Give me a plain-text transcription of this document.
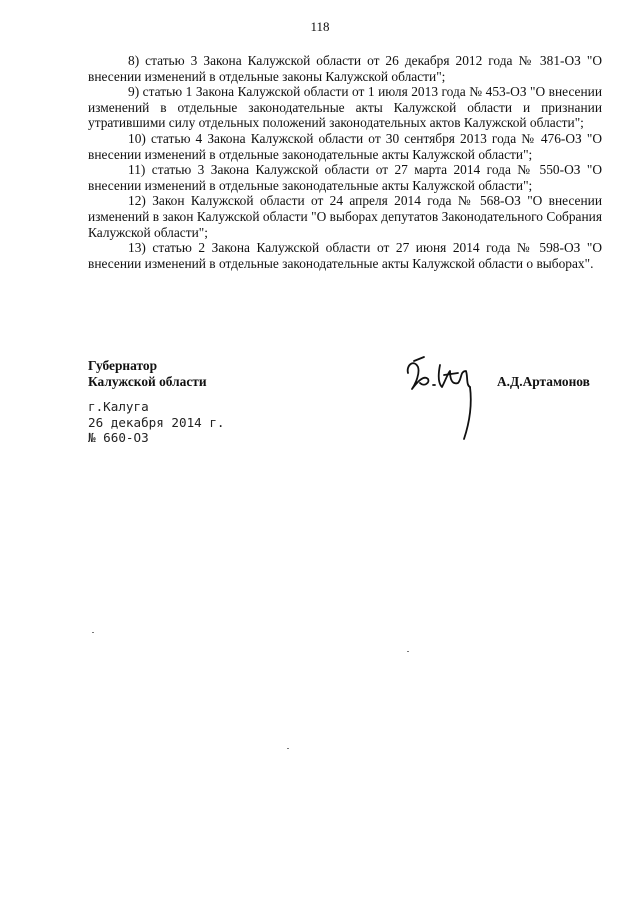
118

8) статью 3 Закона Калужской области от 26 декабря 2012 года № 381-ОЗ "О внесении изменений в отдельные законы Калужской области";

9) статью 1 Закона Калужской области от 1 июля 2013 года № 453-ОЗ "О внесении изменений в отдельные законодательные акты Калужской области и признании утратившими силу отдельных положений законодательных актов Калужской области";

10) статью 4 Закона Калужской области от 30 сентября 2013 года № 476-ОЗ "О внесении изменений в отдельные законодательные акты Калужской области";

11) статью 3 Закона Калужской области от 27 марта 2014 года № 550-ОЗ "О внесении изменений в отдельные законодательные акты Калужской области";

12) Закон Калужской области от 24 апреля 2014 года № 568-ОЗ "О внесении изменений в закон Калужской области "О выборах депутатов Законодательного Собрания Калужской области";

13) статью 2 Закона Калужской области от 27 июня 2014 года № 598-ОЗ "О внесении изменений в отдельные законодательные акты Калужской области о выборах".

Губернатор
Калужской области	А.Д.Артамонов
г.Калуга
26 декабря 2014 г.
№ 660-ОЗ
